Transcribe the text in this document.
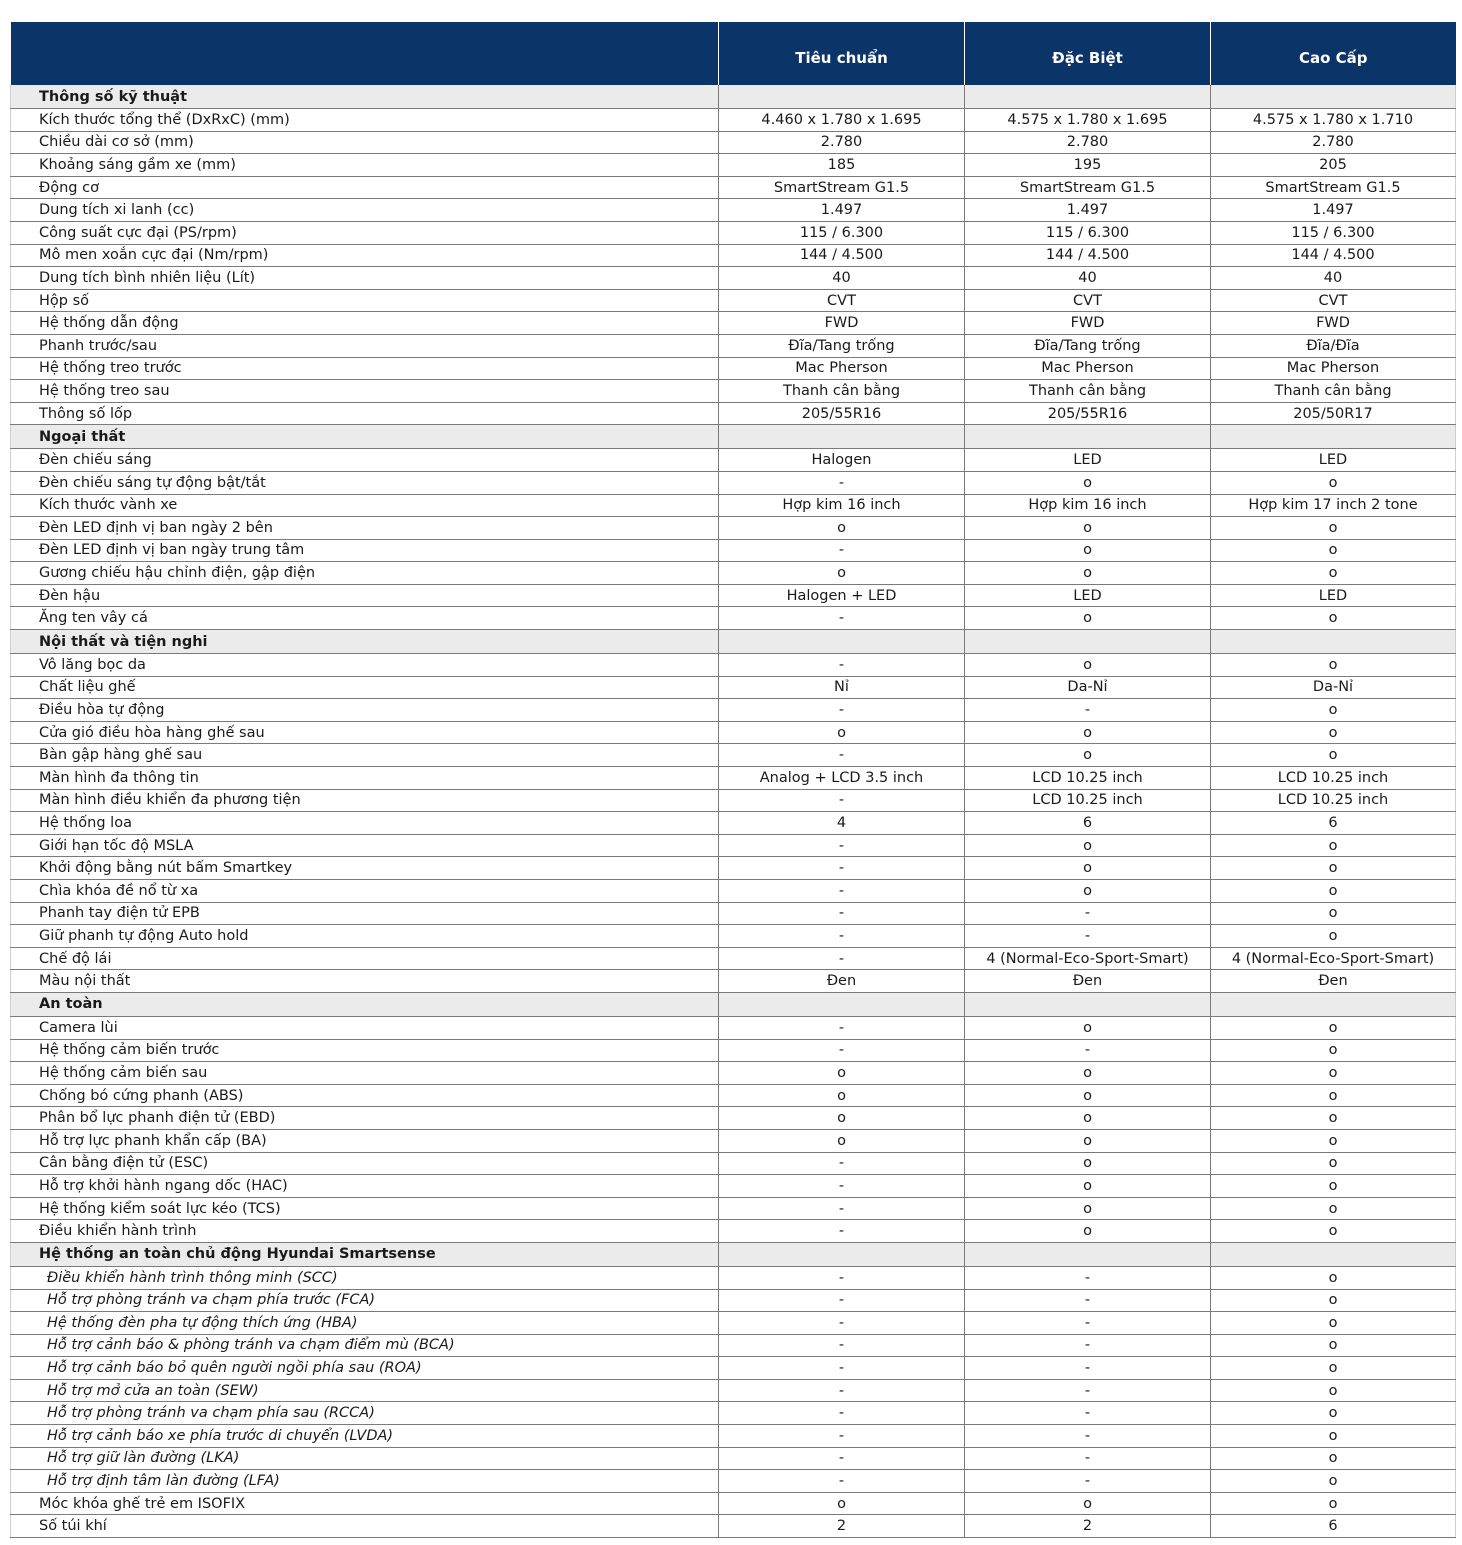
	Tiêu chuẩn	Đặc Biệt	Cao Cấp
Thông số kỹ thuật			
Kích thước tổng thể (DxRxC) (mm)	4.460 x 1.780 x 1.695	4.575 x 1.780 x 1.695	4.575 x 1.780 x 1.710
Chiều dài cơ sở (mm)	2.780	2.780	2.780
Khoảng sáng gầm xe (mm)	185	195	205
Động cơ	SmartStream G1.5	SmartStream G1.5	SmartStream G1.5
Dung tích xi lanh (cc)	1.497	1.497	1.497
Công suất cực đại (PS/rpm)	115 / 6.300	115 / 6.300	115 / 6.300
Mô men xoắn cực đại (Nm/rpm)	144 / 4.500	144 / 4.500	144 / 4.500
Dung tích bình nhiên liệu (Lít)	40	40	40
Hộp số	CVT	CVT	CVT
Hệ thống dẫn động	FWD	FWD	FWD
Phanh trước/sau	Đĩa/Tang trống	Đĩa/Tang trống	Đĩa/Đĩa
Hệ thống treo trước	Mac Pherson	Mac Pherson	Mac Pherson
Hệ thống treo sau	Thanh cân bằng	Thanh cân bằng	Thanh cân bằng
Thông số lốp	205/55R16	205/55R16	205/50R17
Ngoại thất			
Đèn chiếu sáng	Halogen	LED	LED
Đèn chiếu sáng tự động bật/tắt	-	o	o
Kích thước vành xe	Hợp kim 16 inch	Hợp kim 16 inch	Hợp kim 17 inch 2 tone
Đèn LED định vị ban ngày 2 bên	o	o	o
Đèn LED định vị ban ngày trung tâm	-	o	o
Gương chiếu hậu chỉnh điện, gập điện	o	o	o
Đèn hậu	Halogen + LED	LED	LED
Ăng ten vây cá	-	o	o
Nội thất và tiện nghi			
Vô lăng bọc da	-	o	o
Chất liệu ghế	Nỉ	Da-Nỉ	Da-Nỉ
Điều hòa tự động	-	-	o
Cửa gió điều hòa hàng ghế sau	o	o	o
Bàn gập hàng ghế sau	-	o	o
Màn hình đa thông tin	Analog + LCD 3.5 inch	LCD 10.25 inch	LCD 10.25 inch
Màn hình điều khiển đa phương tiện	-	LCD 10.25 inch	LCD 10.25 inch
Hệ thống loa	4	6	6
Giới hạn tốc độ MSLA	-	o	o
Khởi động bằng nút bấm Smartkey	-	o	o
Chìa khóa đề nổ từ xa	-	o	o
Phanh tay điện tử EPB	-	-	o
Giữ phanh tự động Auto hold	-	-	o
Chế độ lái	-	4 (Normal-Eco-Sport-Smart)	4 (Normal-Eco-Sport-Smart)
Màu nội thất	Đen	Đen	Đen
An toàn			
Camera lùi	-	o	o
Hệ thống cảm biến trước	-	-	o
Hệ thống cảm biến sau	o	o	o
Chống bó cứng phanh (ABS)	o	o	o
Phân bổ lực phanh điện tử (EBD)	o	o	o
Hỗ trợ lực phanh khẩn cấp (BA)	o	o	o
Cân bằng điện tử (ESC)	-	o	o
Hỗ trợ khởi hành ngang dốc (HAC)	-	o	o
Hệ thống kiểm soát lực kéo (TCS)	-	o	o
Điều khiển hành trình	-	o	o
Hệ thống an toàn chủ động Hyundai Smartsense			
Điều khiển hành trình thông minh (SCC)	-	-	o
Hỗ trợ phòng tránh va chạm phía trước (FCA)	-	-	o
Hệ thống đèn pha tự động thích ứng (HBA)	-	-	o
Hỗ trợ cảnh báo & phòng tránh va chạm điểm mù (BCA)	-	-	o
Hỗ trợ cảnh báo bỏ quên người ngồi phía sau (ROA)	-	-	o
Hỗ trợ mở cửa an toàn (SEW)	-	-	o
Hỗ trợ phòng tránh va chạm phía sau (RCCA)	-	-	o
Hỗ trợ cảnh báo xe phía trước di chuyển (LVDA)	-	-	o
Hỗ trợ giữ làn đường (LKA)	-	-	o
Hỗ trợ định tâm làn đường (LFA)	-	-	o
Móc khóa ghế trẻ em ISOFIX	o	o	o
Số túi khí	2	2	6
